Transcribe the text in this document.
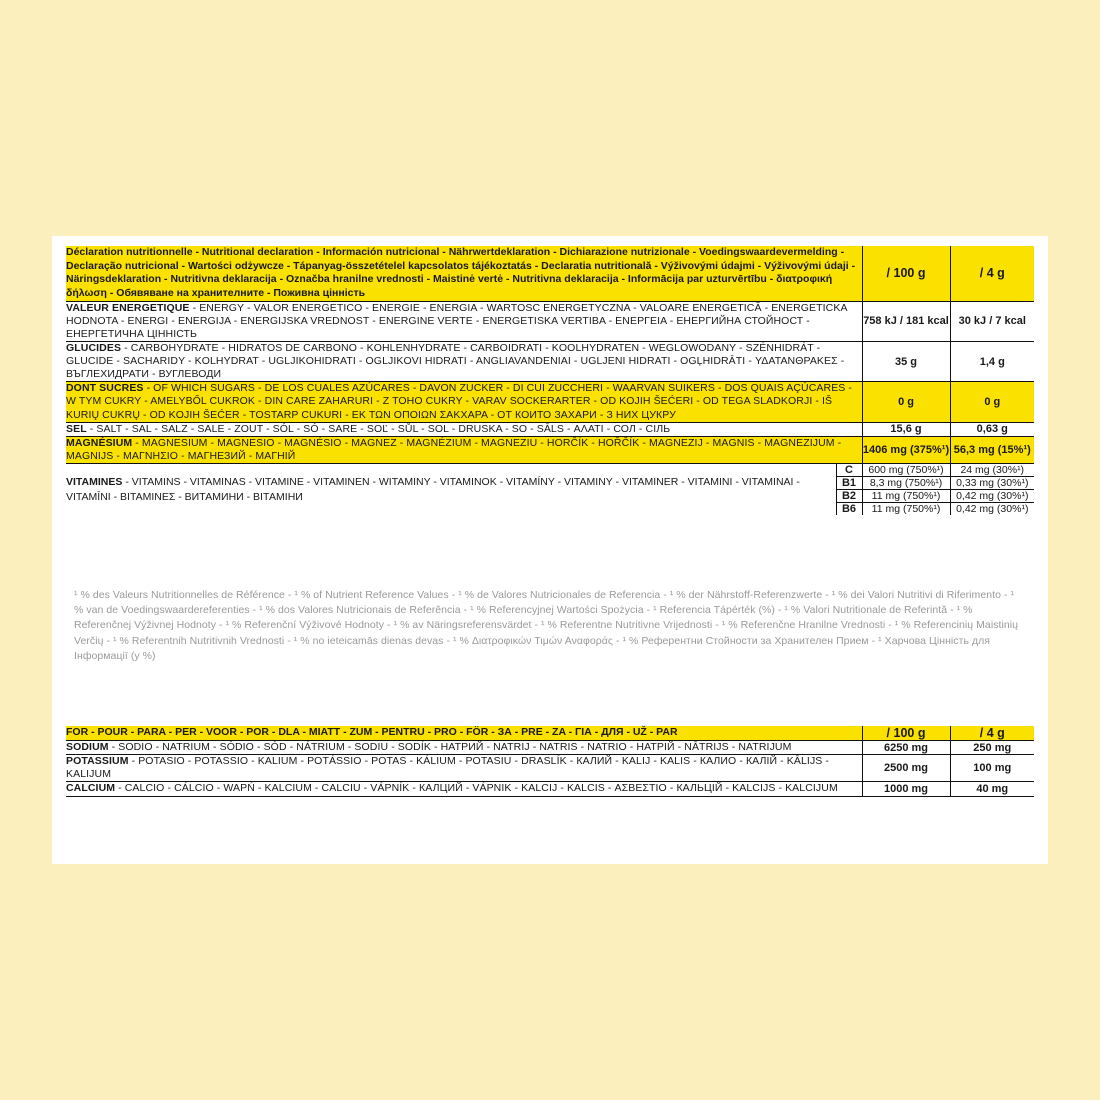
Déclaration nutritionnelle - Nutritional declaration - Información nutricional - Nährwertdeklaration - Dichiarazione nutrizionale - Voedingswaardevermelding - Declaração nutricional - Wartości odżywcze - Tápanyag-összetételel kapcsolatos tájékoztatás - Declaratia nutritională - Výživovými údajmi - Výživovými údaji - Näringsdeklaration - Nutritivna deklaracija - Označba hranilne vrednosti - Maistinė vertė - Nutritivna deklaracija - Informācija par uzturvērtību - διατροφική δήλωση - Обявяване на хранителните - Поживна цінність		/ 100 g	/ 4 g
VALEUR ENERGETIQUE - ENERGY - VALOR ENERGETICO - ENERGIE - ENERGIA - WARTOSC ENERGETYCZNA - VALOARE ENERGETICĂ - ENERGETICKA HODNOTA - ENERGI - ENERGIJA - ENERGIJSKA VREDNOST - ENERGINE VERTE - ENERGETISKA VERTIBA - ΕΝΕΡΓΕΙΑ - ЕНЕРГИЙНА СТОЙНОСТ - ЕНЕРГЕТИЧНА ЦІННІСТЬ		758 kJ / 181 kcal	30 kJ / 7 kcal
GLUCIDES - CARBOHYDRATE - HIDRATOS DE CARBONO - KOHLENHYDRATE - CARBOIDRATI - KOOLHYDRATEN - WEGLOWODANY - SZÉNHIDRÁT - GLUCIDE - SACHARIDY - KOLHYDRAT - UGLJIKOHIDRATI - OGLJIKOVI HIDRATI - ANGLIAVANDENIAI - UGLJENI HIDRATI - OGĻHIDRĀTI - ΥΔΑΤΑΝΘΡΑΚΕΣ - ВЪГЛЕХИДРАТИ - ВУГЛЕВОДИ		35 g	1,4 g
DONT SUCRES - OF WHICH SUGARS - DE LOS CUALES AZÚCARES - DAVON ZUCKER - DI CUI ZUCCHERI - WAARVAN SUIKERS - DOS QUAIS AÇÚCARES - W TYM CUKRY - AMELYBŐL CUKROK - DIN CARE ZAHARURI - Z TOHO CUKRY - VARAV SOCKERARTER - OD KOJIH ŠEĆERI - OD TEGA SLADKORJI - IŠ KURIŲ CUKRŲ - OD KOJIH ŠEĆER - TOSTARP CUKURI - ΕΚ ΤΩΝ ΟΠΟΙΩΝ ΣΑΚΧΑΡΑ - ОТ КОИТО ЗАХАРИ - З НИХ ЦУКРУ		0 g	0 g
SEL - SALT - SAL - SALZ - SALE - ZOUT - SÓL - SÓ - SARE - SOĽ - SŮL - SOL - DRUSKA - SO - SĀLS - ΑΛΑΤΙ - СОЛ - СІЛЬ		15,6 g	0,63 g
MAGNÉSIUM - MAGNESIUM - MAGNESIO - MAGNÉSIO - MAGNEZ - MAGNÉZIUM - MAGNEZIU - HORČÍK - HOŘČÍK - MAGNEZIJ - MAGNIS - MAGNEZIJUM - MAGNIJS - ΜΑΓΝΗΣΙΟ - МАГНЕЗИЙ - МАГНІЙ		1406 mg (375%¹)	56,3 mg (15%¹)
VITAMINES - VITAMINS - VITAMINAS - VITAMINE - VITAMINEN - WITAMINY - VITAMINOK - VITAMÍNY - VITAMINY - VITAMINER - VITAMINI - VITAMINAI -VITAMĪNI - ΒΙΤΑΜΙΝΕΣ - ВИТАМИНИ - ВІТАМІНИ	C	600 mg (750%¹)	24 mg (30%¹)
	B1	8,3 mg (750%¹)	0,33 mg (30%¹)
	B2	11 mg (750%¹)	0,42 mg (30%¹)
	B6	11 mg (750%¹)	0,42 mg (30%¹)
¹ % des Valeurs Nutritionnelles de Référence - ¹ % of Nutrient Reference Values - ¹ % de Valores Nutricionales de Referencia - ¹ % der Nährstoff-Referenzwerte - ¹ % dei Valori Nutritivi di Riferimento - ¹ % van de Voedingswaardereferenties - ¹ % dos Valores Nutricionais de Referência - ¹ % Referencyjnej Wartości Spożycia - ¹ Referencia Tápérték (%) - ¹ % Valori Nutritionale de Referintă - ¹ % Referenčnej Výživnej Hodnoty - ¹ % Referenční Výživové Hodnoty - ¹ % av Näringsreferensvärdet - ¹ % Referentne Nutritivne Vrijednosti - ¹ % Referenčne Hranilne Vrednosti - ¹ % Referencinių Maistinių Verčių - ¹ % Referentnih Nutritivnih Vrednosti - ¹ % no ieteicamās dienas devas - ¹ % Διατροφικών Τιμών Αναφοράς - ¹ % Референтни Стойности за Хранителен Прием - ¹ Харчова Цінність для Інформації (у %)
FOR - POUR - PARA - PER - VOOR - POR - DLA - MIATT - ZUM - PENTRU - PRO - FÖR - ЗА - PRE - ZA - ΓΙΑ - ДЛЯ - UŽ - PAR	/ 100 g	/ 4 g
SODIUM - SODIO - NATRIUM - SÓDIO - SÓD - NÁTRIUM - SODIU - SODÍK - НАТРИЙ - NATRIJ - NATRIS - NATRIO - НАТРІЙ - NĀTRIJS - NATRIJUM	6250 mg	250 mg
POTASSIUM - POTASIO - POTASSIO - KALIUM - POTÁSSIO - POTAS - KÁLIUM - POTASIU - DRASLÍK - КАЛИЙ - KALIJ - KALIS - КАЛИО - КАЛІЙ - KĀLIJS - KALIJUM	2500 mg	100 mg
CALCIUM - CALCIO - CÁLCIO - WAPŃ - KALCIUM - CALCIU - VÁPNÍK - КАЛЦИЙ - VÁPNIK - KALCIJ - KALCIS - ΑΣΒΕΣΤΙΟ - КАЛЬЦІЙ - KALCIJS - KALCIJUM	1000 mg	40 mg
